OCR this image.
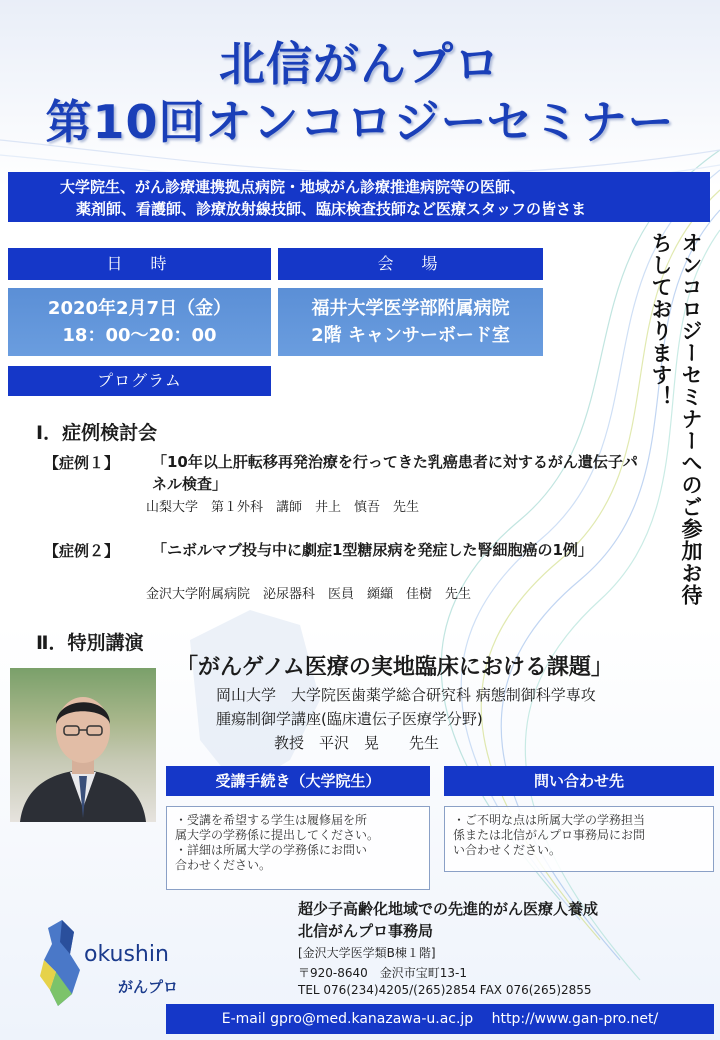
北信がんプロ
第10回オンコロジーセミナー
大学院生、がん診療連携拠点病院・地域がん診療推進病院等の医師、
薬剤師、看護師、診療放射線技師、臨床検査技師など医療スタッフの皆さま
日　時	会　場
2020年2月7日（金）
18：00～20：00
福井大学医学部附属病院
2階 キャンサーボード室
プログラム	オンコロジーセミナーへのご参加お待ちしております！
Ⅰ．症例検討会
【症例１】 「10年以上肝転移再発治療を行ってきた乳癌患者に対するがん遺伝子パネル検査」
山梨大学　第１外科　講師　井上　慎吾　先生
【症例２】 「ニボルマブ投与中に劇症1型糖尿病を発症した腎細胞癌の1例」
金沢大学附属病院　泌尿器科　医員　纐纈　佳樹　先生
Ⅱ．特別講演
「がんゲノム医療の実地臨床における課題」
岡山大学　大学院医歯薬学総合研究科 病態制御科学専攻
腫瘍制御学講座(臨床遺伝子医療学分野)
教授　平沢　晃　　先生
受講手続き（大学院生）	問い合わせ先
・受講を希望する学生は履修届を所
属大学の学務係に提出してください。
・詳細は所属大学の学務係にお問い
合わせください。
・ご不明な点は所属大学の学務担当
係または北信がんプロ事務局にお問
い合わせください。
超少子高齢化地域での先進的がん医療人養成
北信がんプロ事務局
[金沢大学医学類B棟１階]
〒920-8640　金沢市宝町13-1
TEL 076(234)4205/(265)2854 FAX 076(265)2855
okushin
がんプロ
E-mail gpro@med.kanazawa-u.ac.jp　 http://www.gan-pro.net/
